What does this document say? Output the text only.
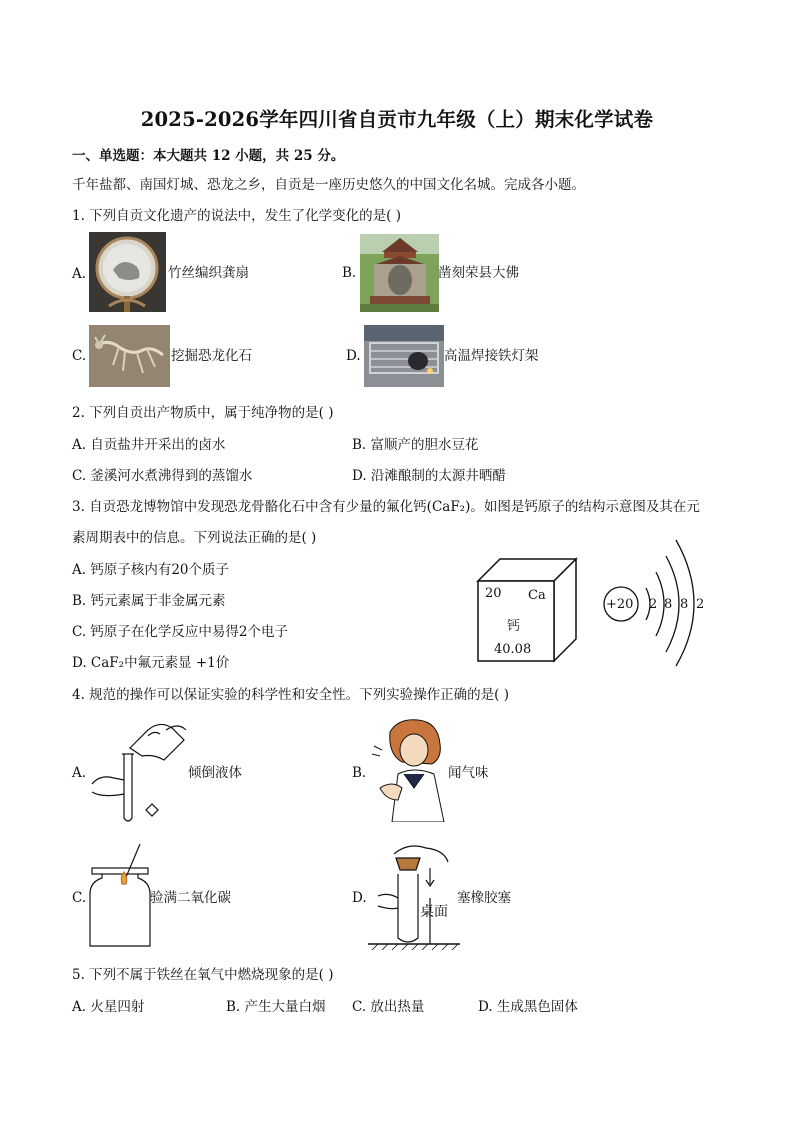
2025-2026学年四川省自贡市九年级（上）期末化学试卷
一、单选题：本大题共 12 小题，共 25 分。
千年盐都、南国灯城、恐龙之乡，自贡是一座历史悠久的中国文化名城。完成各小题。
1. 下列自贡文化遗产的说法中，发生了化学变化的是( )
A.	竹丝编织龚扇	B.	凿刻荣县大佛
C.	挖掘恐龙化石	D.	高温焊接铁灯架
2. 下列自贡出产物质中，属于纯净物的是( )
A. 自贡盐井开采出的卤水	B. 富顺产的胆水豆花
C. 釜溪河水煮沸得到的蒸馏水	D. 沿滩酿制的太源井晒醋
3. 自贡恐龙博物馆中发现恐龙骨骼化石中含有少量的氟化钙(CaF₂)。如图是钙原子的结构示意图及其在元
素周期表中的信息。下列说法正确的是( )
A. 钙原子核内有20个质子
B. 钙元素属于非金属元素
C. 钙原子在化学反应中易得2个电子
D. CaF₂中氟元素显 +1价
20 Ca
钙
40.08
+20 2 8 8 2
4. 规范的操作可以保证实验的科学性和安全性。下列实验操作正确的是( )
A.	倾倒液体	B.	闻气味
C.	验满二氧化碳	D.
桌面
塞橡胶塞
5. 下列不属于铁丝在氧气中燃烧现象的是( )
A. 火星四射	B. 产生大量白烟 C. 放出热量	D. 生成黑色固体
